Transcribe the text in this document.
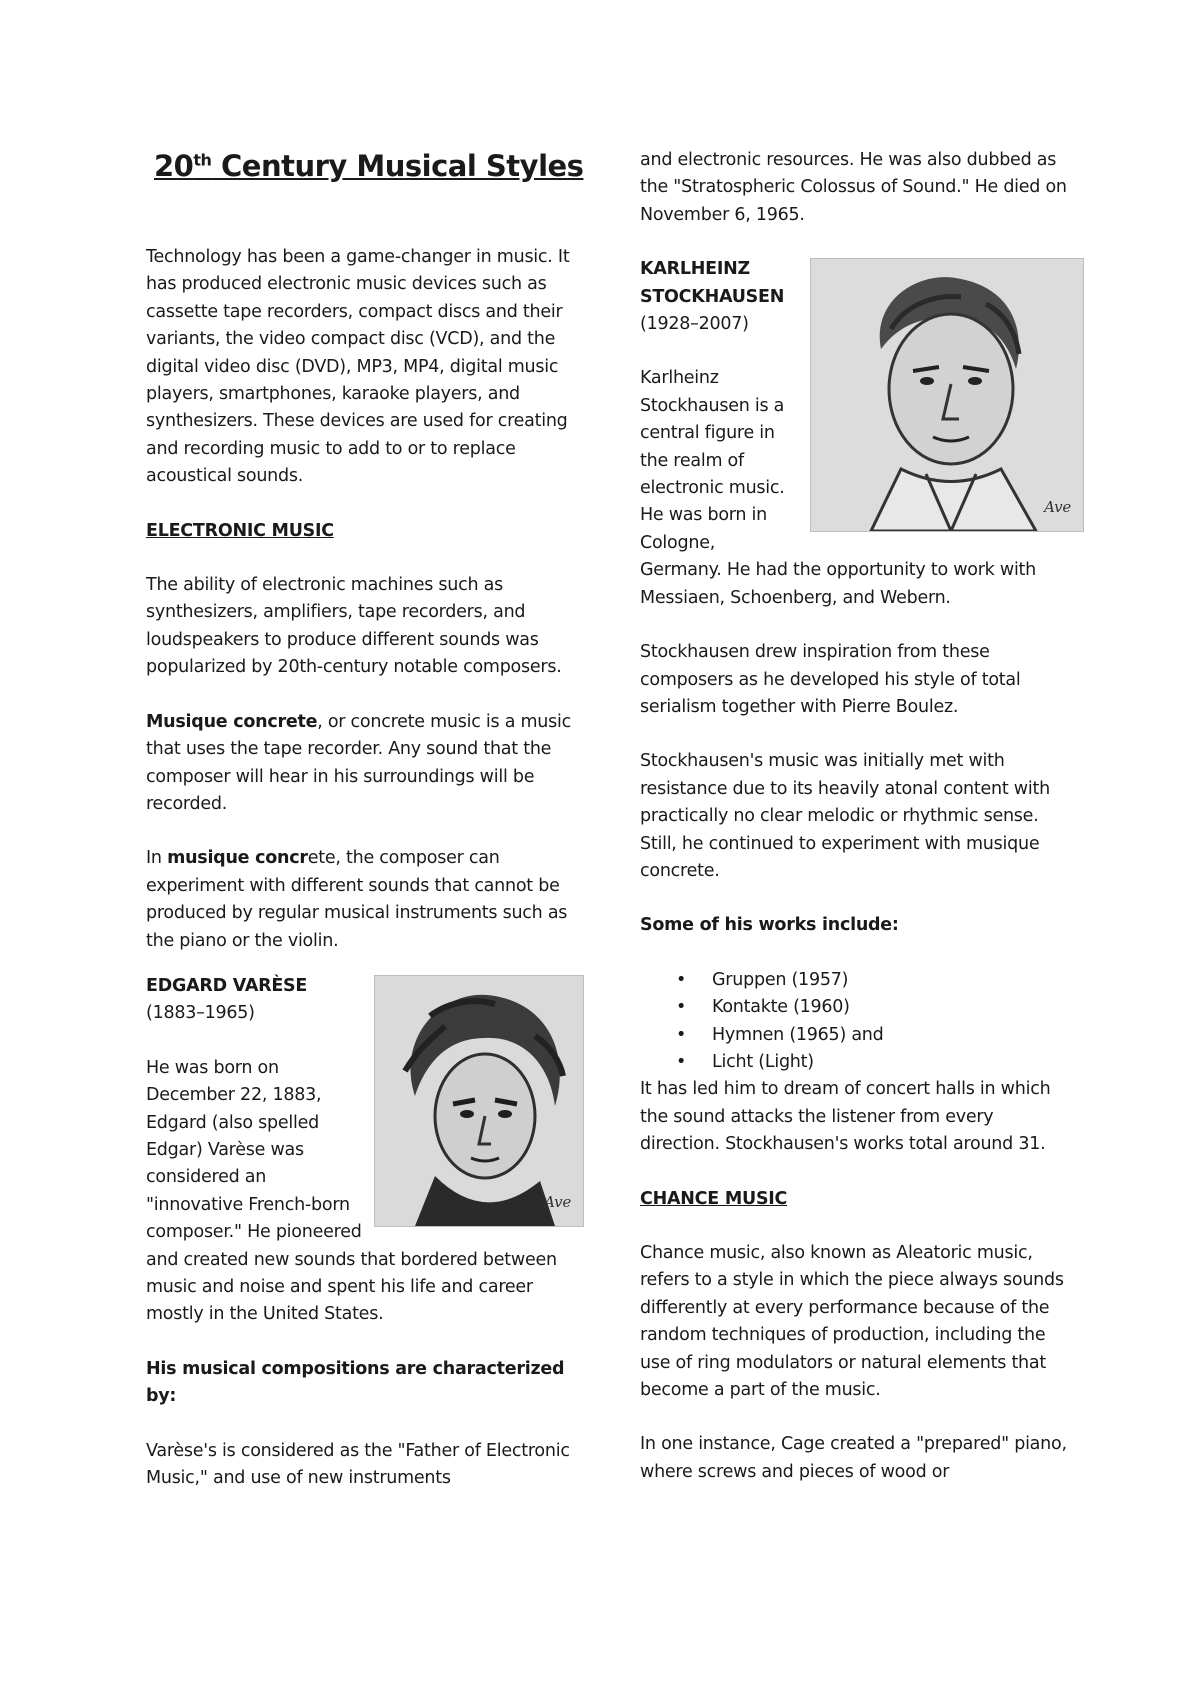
20th Century Musical Styles

Technology has been a game-changer in music. It has produced electronic music devices such as cassette tape recorders, compact discs and their variants, the video compact disc (VCD), and the digital video disc (DVD), MP3, MP4, digital music players, smartphones, karaoke players, and synthesizers. These devices are used for creating and recording music to add to or to replace acoustical sounds.

ELECTRONIC MUSIC

The ability of electronic machines such as synthesizers, amplifiers, tape recorders, and loudspeakers to produce different sounds was popularized by 20th-century notable composers.

Musique concrete, or concrete music is a music that uses the tape recorder. Any sound that the composer will hear in his surroundings will be recorded.

In musique concrete, the composer can experiment with different sounds that cannot be produced by regular musical instruments such as the piano or the violin.

Ave

EDGARD VARÈSE

(1883–1965)

He was born on December 22, 1883, Edgard (also spelled Edgar) Varèse was considered an "innovative French-born composer." He pioneered and created new sounds that bordered between music and noise and spent his life and career mostly in the United States.

His musical compositions are characterized by:

Varèse's is considered as the "Father of Electronic Music," and use of new instruments

and electronic resources. He was also dubbed as the "Stratospheric Colossus of Sound." He died on November 6, 1965.

Ave

KARLHEINZ STOCKHAUSEN (1928–2007)

Karlheinz Stockhausen is a central figure in the realm of electronic music. He was born in Cologne, Germany. He had the opportunity to work with Messiaen, Schoenberg, and Webern.

Stockhausen drew inspiration from these composers as he developed his style of total serialism together with Pierre Boulez.

Stockhausen's music was initially met with resistance due to its heavily atonal content with practically no clear melodic or rhythmic sense. Still, he continued to experiment with musique concrete.

Some of his works include:

• Gruppen (1957)
• Kontakte (1960)
• Hymnen (1965) and
• Licht (Light)

It has led him to dream of concert halls in which the sound attacks the listener from every direction. Stockhausen's works total around 31.

CHANCE MUSIC

Chance music, also known as Aleatoric music, refers to a style in which the piece always sounds differently at every performance because of the random techniques of production, including the use of ring modulators or natural elements that become a part of the music.

In one instance, Cage created a "prepared" piano, where screws and pieces of wood or
